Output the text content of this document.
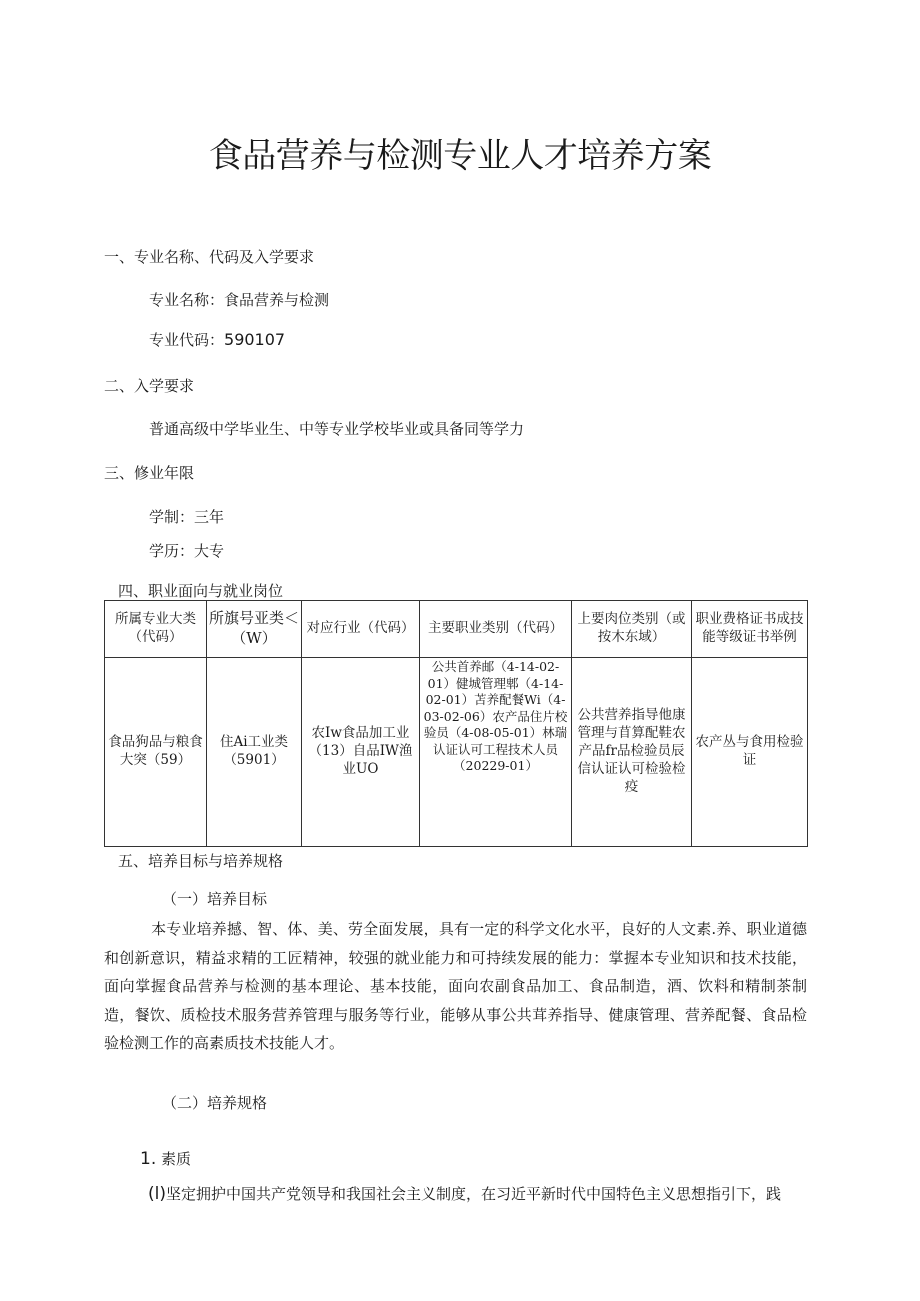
食品营养与检测专业人才培养方案
一、专业名称、代码及入学要求
专业名称：食品营养与检测
专业代码：590107
二、入学要求
普通高级中学毕业生、中等专业学校毕业或具备同等学力
三、修业年限
学制：三年
学历：大专
四、职业面向与就业岗位
所属专业大类（代码）	所旗号亚类＜（W）	对应行业（代码）	主要职业类别（代码）	上要肉位类别（或按木东域）	职业费格证书成技能等级证书举例
食品狗品与粮食大突（59）	住Ai工业类（5901）	农Iw食品加工业（13）自品IW渔业UO	公共首养邮（4-14-02-01）健城管理郫（4-14-02-01）苫养配餐Wi（4-03-02-06）农产品住片校验员（4-08-05-01）林瑞认证认可工程技术人员（20229-01）	公共营养指导他康管理与苜算配鞋农产品fr品检验员辰信认证认可检验检疫	农产丛与食用检验证
五、培养目标与培养规格
（一）培养目标
本专业培养撼、智、体、美、劳全面发展，具有一定的科学文化水平，良好的人文素.养、职业道德和创新意识，精益求精的工匠精神，较强的就业能力和可持续发展的能力：掌握本专业知识和技术技能，面向掌握食品营养与检测的基本理论、基本技能，面向农副食品加工、食品制造，酒、饮料和精制茶制造，餐饮、质检技术服务营养管理与服务等行业，能够从事公共茸养指导、健康管理、营养配餐、食品检验检测工作的高素质技术技能人才。
（二）培养规格
1. 素质
(l)坚定拥护中国共产党领导和我国社会主义制度，在习近平新时代中国特色主义思想指引下，践
